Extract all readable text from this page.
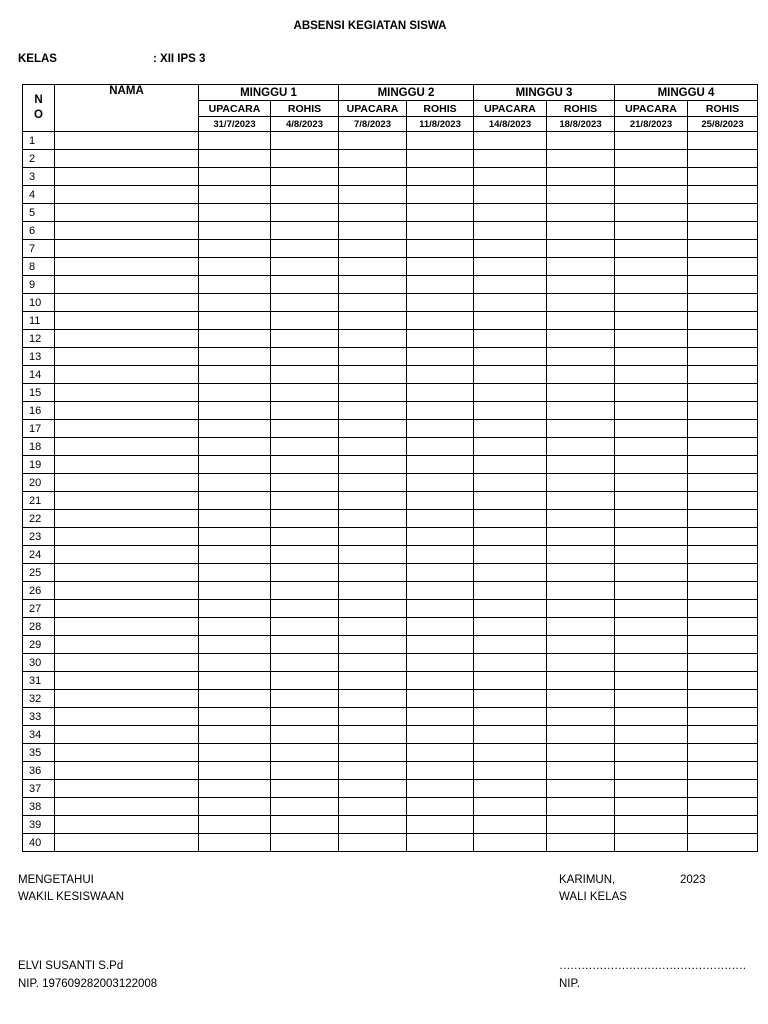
ABSENSI KEGIATAN SISWA
KELAS	: XII IPS 3
N
O	NAMA	MINGGU 1		MINGGU 2		MINGGU 3		MINGGU 4	
		UPACARA	ROHIS	UPACARA	ROHIS	UPACARA	ROHIS	UPACARA	ROHIS
		31/7/2023	4/8/2023	7/8/2023	11/8/2023	14/8/2023	18/8/2023	21/8/2023	25/8/2023
1									
2									
3									
4									
5									
6									
7									
8									
9									
10									
11									
12									
13									
14									
15									
16									
17									
18									
19									
20									
21									
22									
23									
24									
25									
26									
27									
28									
29									
30									
31									
32									
33									
34									
35									
36									
37									
38									
39									
40									
MENGETAHUI
WAKIL KESISWAAN
ELVI SUSANTI S.Pd
NIP. 197609282003122008
KARIMUN,	2023
WALI KELAS
……………………………………………
NIP.
